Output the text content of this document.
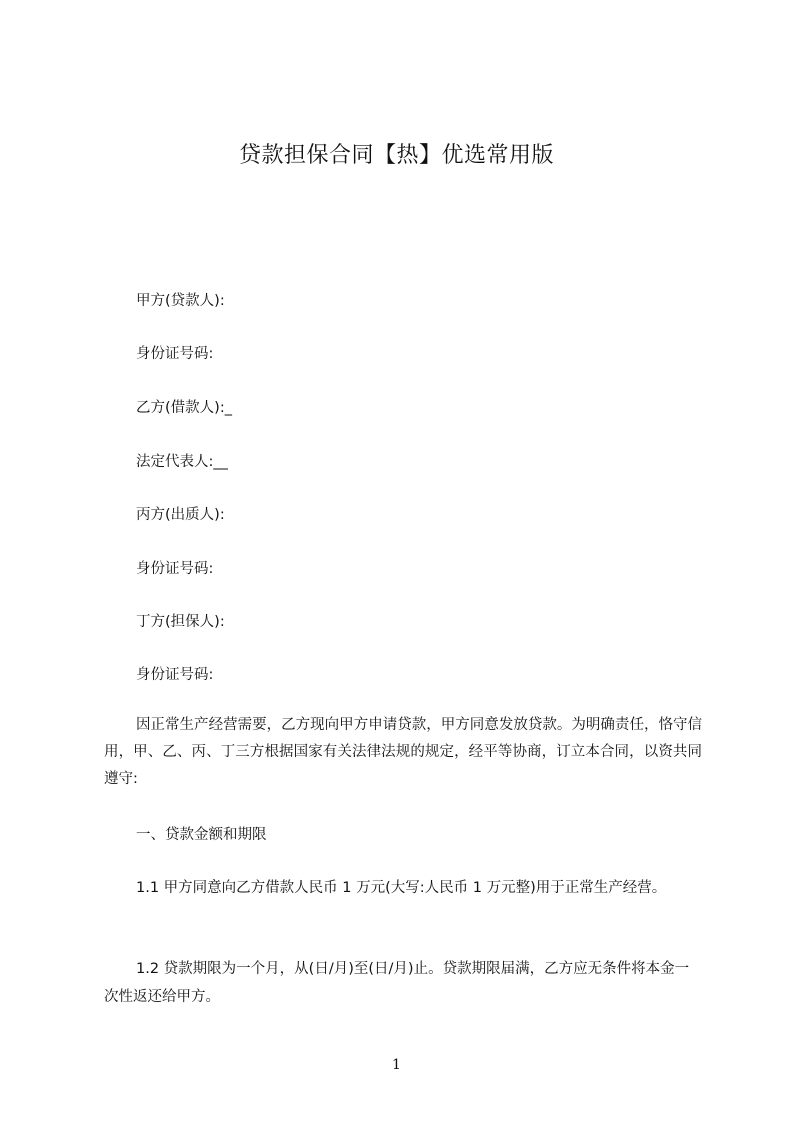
贷款担保合同【热】优选常用版
甲方(贷款人):
身份证号码:
乙方(借款人):_
法定代表人:__
丙方(出质人):
身份证号码:
丁方(担保人):
身份证号码:
因正常生产经营需要，乙方现向甲方申请贷款，甲方同意发放贷款。为明确责任，恪守信用，甲、乙、丙、丁三方根据国家有关法律法规的规定，经平等协商，订立本合同，以资共同遵守:
一、贷款金额和期限
1.1 甲方同意向乙方借款人民币 1 万元(大写:人民币 1 万元整)用于正常生产经营。
1.2 贷款期限为一个月，从(日/月)至(日/月)止。贷款期限届满，乙方应无条件将本金一次性返还给甲方。
1
